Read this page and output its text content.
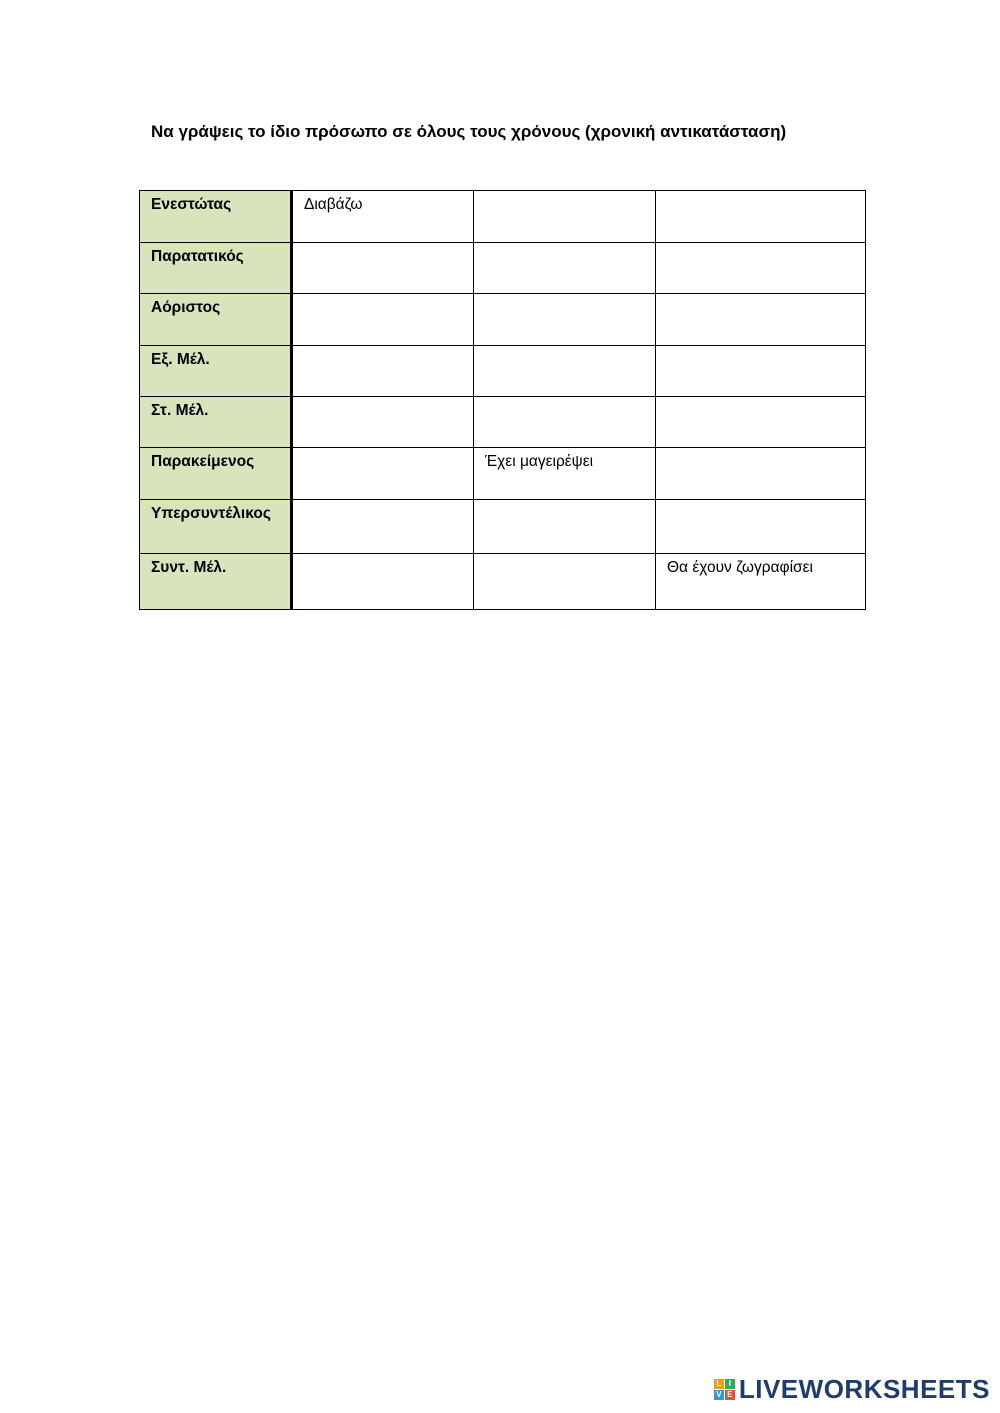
Να γράψεις το ίδιο πρόσωπο σε όλους τους χρόνους (χρονική αντικατάσταση)
Ενεστώτας	Διαβάζω		
Παρατατικός			
Αόριστος			
Εξ. Μέλ.			
Στ. Μέλ.			
Παρακείμενος		Έχει μαγειρέψει	
Υπερσυντέλικος			
Συντ. Μέλ.			Θα έχουν ζωγραφίσει
L I
V E LIVEWORKSHEETS
